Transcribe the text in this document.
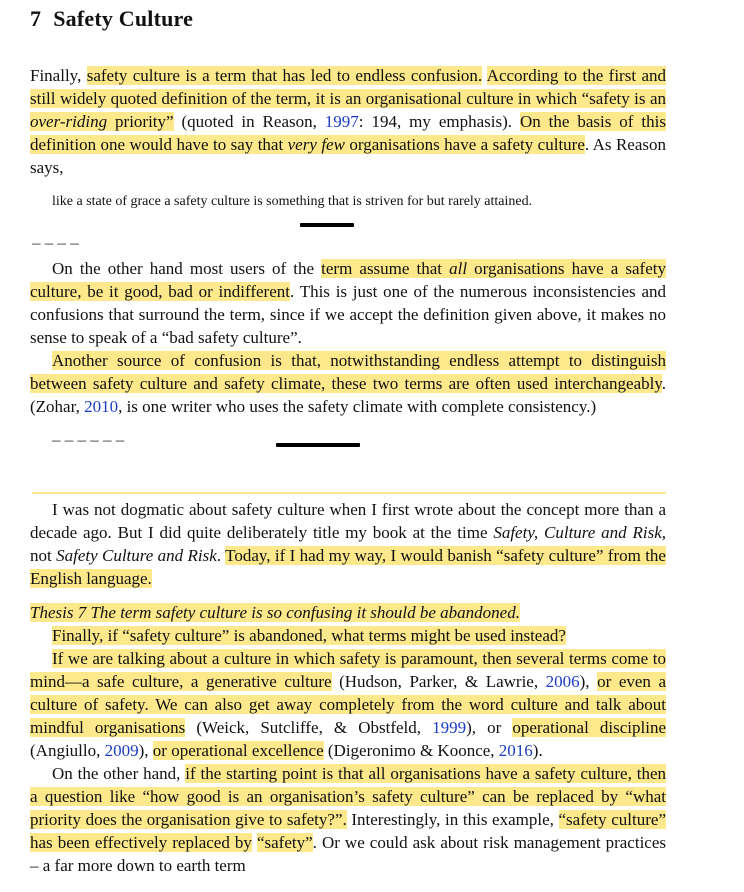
7 Safety Culture

Finally, safety culture is a term that has led to endless confusion. According to the first and still widely quoted definition of the term, it is an organisational culture in which “safety is an over-riding priority” (quoted in Reason, 1997: 194, my emphasis). On the basis of this definition one would have to say that very few organisations have a safety culture. As Reason says,

like a state of grace a safety culture is something that is striven for but rarely attained.
– – – –

On the other hand most users of the term assume that all organisations have a safety culture, be it good, bad or indifferent. This is just one of the numerous inconsistencies and confusions that surround the term, since if we accept the definition given above, it makes no sense to speak of a “bad safety culture”.

Another source of confusion is that, notwithstanding endless attempt to distinguish between safety culture and safety climate, these two terms are often used interchangeably. (Zohar, 2010, is one writer who uses the safety climate with complete consistency.)

– – – – – –

I was not dogmatic about safety culture when I first wrote about the concept more than a decade ago. But I did quite deliberately title my book at the time Safety, Culture and Risk, not Safety Culture and Risk. Today, if I had my way, I would banish “safety culture” from the English language.

Thesis 7 The term safety culture is so confusing it should be abandoned.

Finally, if “safety culture” is abandoned, what terms might be used instead?

If we are talking about a culture in which safety is paramount, then several terms come to mind—a safe culture, a generative culture (Hudson, Parker, & Lawrie, 2006), or even a culture of safety. We can also get away completely from the word culture and talk about mindful organisations (Weick, Sutcliffe, & Obstfeld, 1999), or operational discipline (Angiullo, 2009), or operational excellence (Digeronimo & Koonce, 2016).

On the other hand, if the starting point is that all organisations have a safety culture, then a question like “how good is an organisation’s safety culture” can be replaced by “what priority does the organisation give to safety?”. Interestingly, in this example, “safety culture” has been effectively replaced by “safety”. Or we could ask about risk management practices – a far more down to earth term
